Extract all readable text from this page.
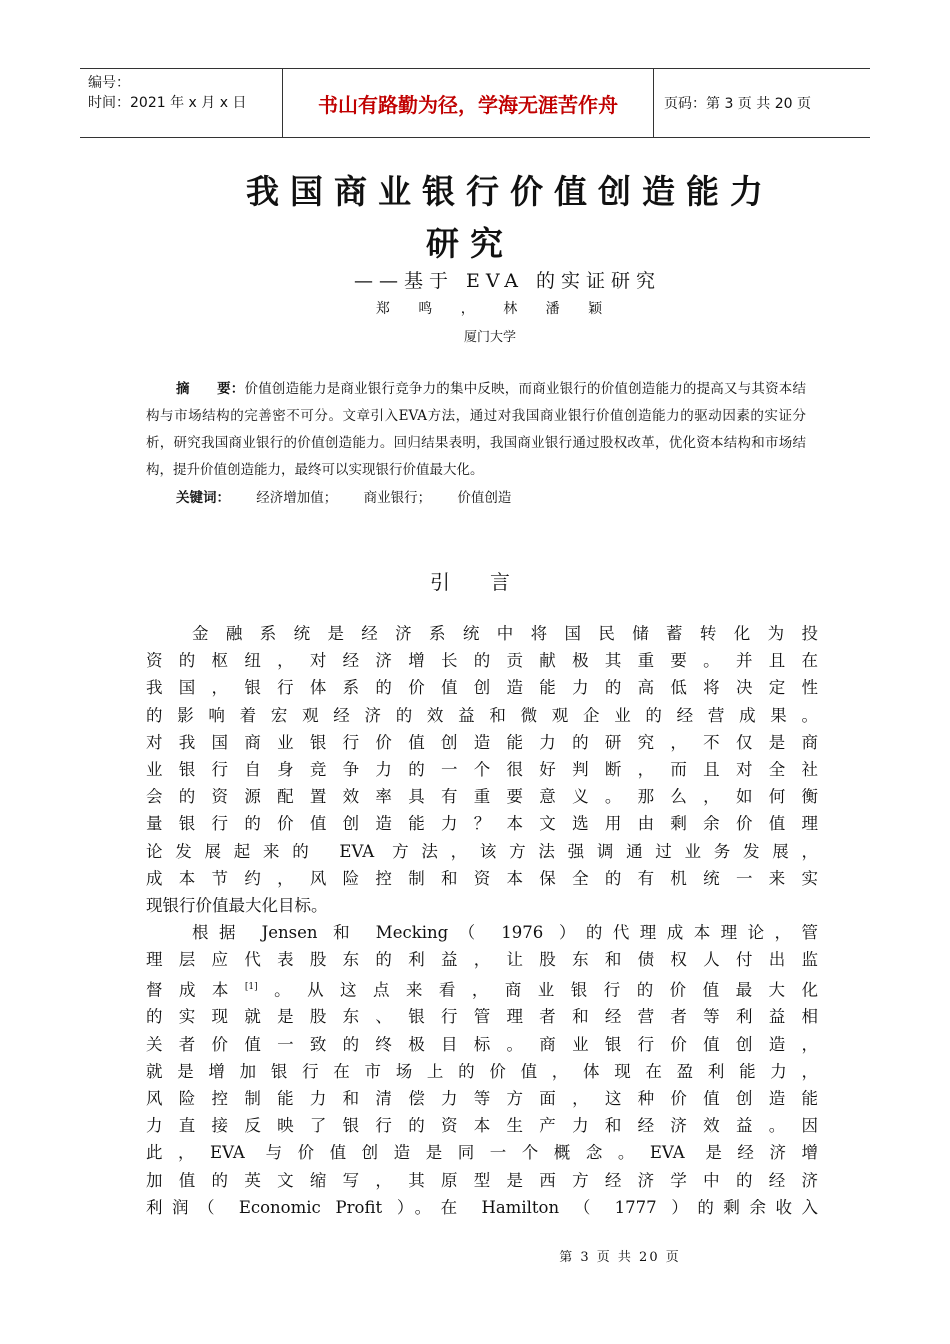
编号：
时间：2021 年 x 月 x 日	书山有路勤为径，学海无涯苦作舟	页码：第 3 页 共 20 页
我国商业银行价值创造能力
研究
——基于 EVA 的实证研究
郑 鸣 ， 林 潘 颖
厦门大学
摘　　要：价值创造能力是商业银行竞争力的集中反映，而商业银行的价值创造能力的提高又与其资本结构与市场结构的完善密不可分。文章引入EVA方法，通过对我国商业银行价值创造能力的驱动因素的实证分析，研究我国商业银行的价值创造能力。回归结果表明，我国商业银行通过股权改革，优化资本结构和市场结构，提升价值创造能力，最终可以实现银行价值最大化。
关键词： 经济增加值； 商业银行； 价值创造
引言

金融系统是经济系统中将国民储蓄转化为投

资的枢纽，对经济增长的贡献极其重要。并且在

我国，银行体系的价值创造能力的高低将决定性

的影响着宏观经济的效益和微观企业的经营成果。

对我国商业银行价值创造能力的研究，不仅是商

业银行自身竞争力的一个很好判断，而且对全社

会的资源配置效率具有重要意义。那么，如何衡

量银行的价值创造能力？本文选用由剩余价值理

论发展起来的 EVA 方法，该方法强调通过业务发展，

成本节约，风险控制和资本保全的有机统一来实

现银行价值最大化目标。

根据 Jensen 和 Mecking（ 1976 ）的代理成本理论，管

理层应代表股东的利益，让股东和债权人付出监

督成本[1]。从这点来看，商业银行的价值最大化

的实现就是股东、银行管理者和经营者等利益相

关者价值一致的终极目标。商业银行价值创造，

就是增加银行在市场上的价值，体现在盈利能力，

风险控制能力和清偿力等方面，这种价值创造能

力直接反映了银行的资本生产力和经济效益。因

此，EVA 与价值创造是同一个概念。EVA 是经济增

加值的英文缩写，其原型是西方经济学中的经济

利润（ Economic Profit ）。在 Hamilton （ 1777 ）的剩余收入

第 3 页 共 20 页
